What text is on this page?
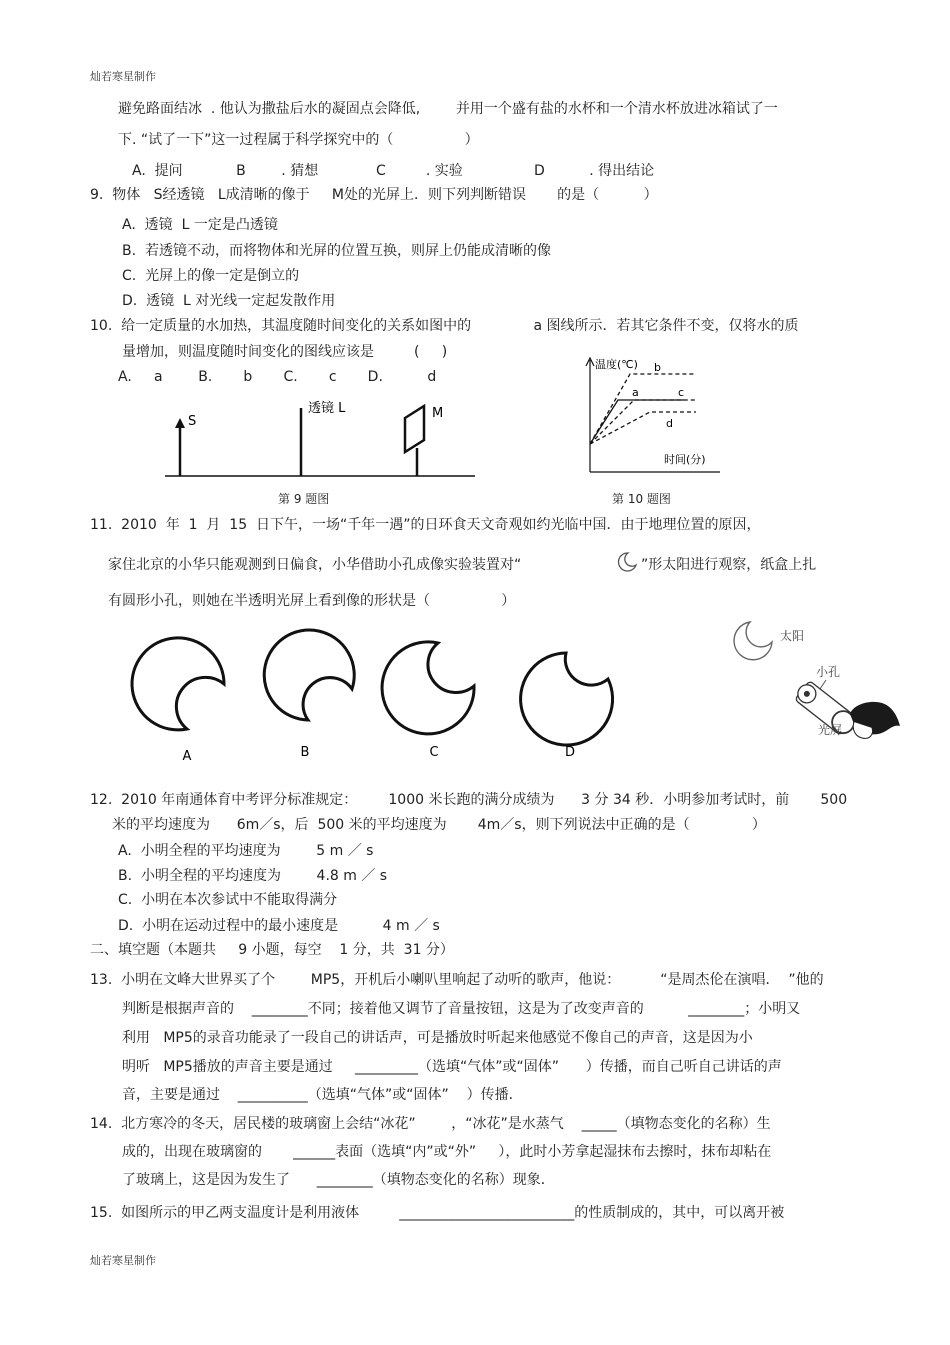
灿若寒星制作
灿若寒星制作
避免路面结冰  . 他认为撒盐后水的凝固点会降低,        并用一个盛有盐的水杯和一个清水杯放进冰箱试了一
下. “试了一下”这一过程属于科学探究中的（                ）
A.  提问            B        . 猜想             C         . 实验                D          . 得出结论
9.  物体   S经透镜   L成清晰的像于     M处的光屏上．则下列判断错误       的是（          ）
A.  透镜  L 一定是凸透镜
B.  若透镜不动，而将物体和光屏的位置互换，则屏上仍能成清晰的像
C.  光屏上的像一定是倒立的
D.  透镜  L 对光线一定起发散作用
10.  给一定质量的水加热，其温度随时间变化的关系如图中的              a 图线所示．若其它条件不变，仅将水的质
量增加，则温度随时间变化的图线应该是         (     )
A.     a        B.       b       C.       c       D.          d
S
透镜 L	M
第 9 题图
温度(℃)
时间(分)
a
b
c
d
第 10 题图
11.  2010  年  1  月  15  日下午，一场“千年一遇”的日环食天文奇观如约光临中国．由于地理位置的原因，
家住北京的小华只能观测到日偏食，小华借助小孔成像实验装置对“	”形太阳进行观察，纸盒上扎
有圆形小孔，则她在半透明光屏上看到像的形状是（                ）
A	B	C	D
太阳
小孔
光屏
12.  2010 年南通体育中考评分标准规定：       1000 米长跑的满分成绩为      3 分 34 秒．小明参加考试时，前       500
米的平均速度为      6m／s，后  500 米的平均速度为       4m／s，则下列说法中正确的是（              ）
A.  小明全程的平均速度为        5 m ／ s
B.  小明全程的平均速度为        4.8 m ／ s
C.  小明在本次参试中不能取得满分
D.  小明在运动过程中的最小速度是          4 m ／ s
二、填空题（本题共     9 小题，每空    1 分，共  31 分）
13.  小明在文峰大世界买了个        MP5，开机后小喇叭里响起了动听的歌声，他说：         “是周杰伦在演唱．  ”他的
判断是根据声音的    ________不同；接着他又调节了音量按钮，这是为了改变声音的          ________；小明又
利用   MP5的录音功能录了一段自己的讲话声，可是播放时听起来他感觉不像自己的声音，这是因为小
明听   MP5播放的声音主要是通过     _________（选填“气体”或“固体”      ）传播，而自己听自己讲话的声
音，主要是通过    __________（选填“气体”或“固体”    ）传播．
14.  北方寒冷的冬天，居民楼的玻璃窗上会结“冰花”        ，“冰花”是水蒸气    _____（填物态变化的名称）生
成的，出现在玻璃窗的       ______表面（选填“内”或“外”     ），此时小芳拿起湿抹布去擦时，抹布却粘在
了玻璃上，这是因为发生了      ________（填物态变化的名称）现象．
15.  如图所示的甲乙两支温度计是利用液体         _________________________的性质制成的，其中，可以离开被
